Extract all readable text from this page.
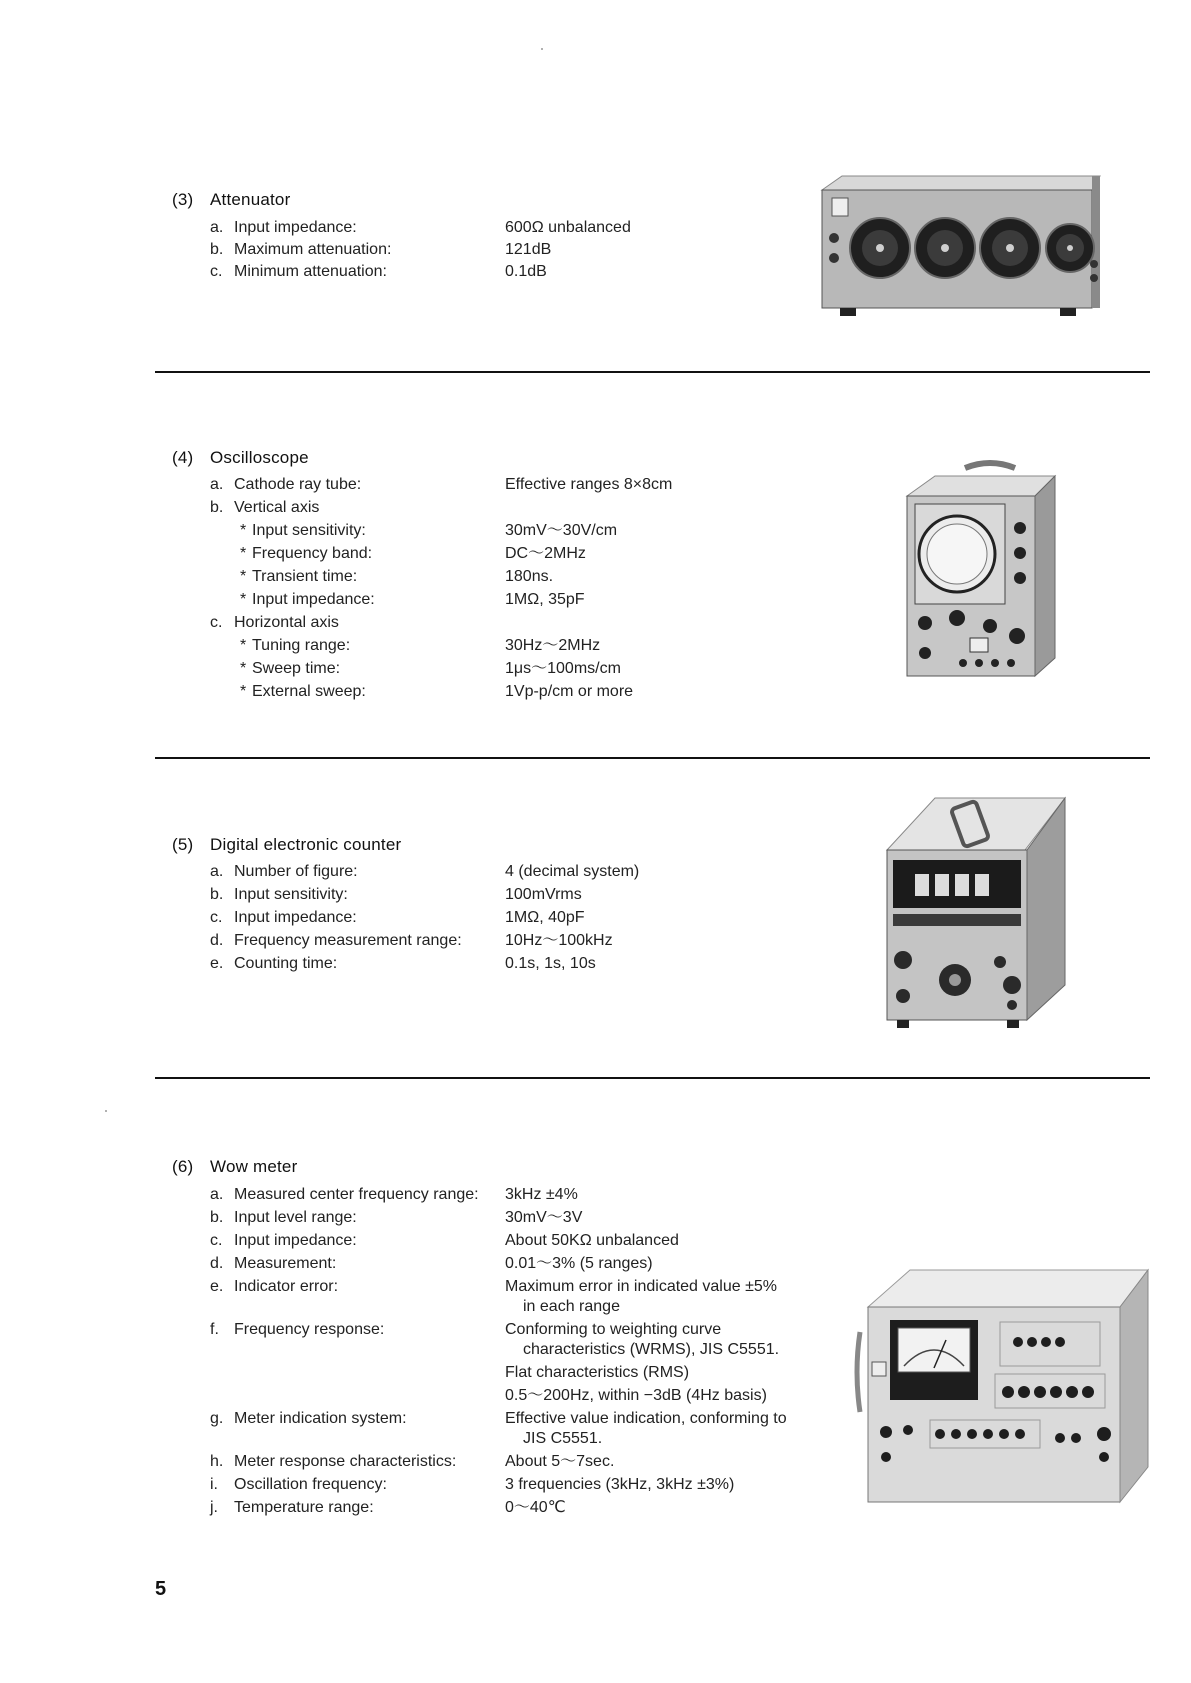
(3) Attenuator
a. Input impedance:	600Ω unbalanced
b. Maximum attenuation:	121dB
c. Minimum attenuation:	0.1dB
(4) Oscilloscope
a. Cathode ray tube:	Effective ranges 8×8cm
b. Vertical axis
* Input sensitivity:	30mV～30V/cm
* Frequency band:	DC～2MHz
* Transient time:	180ns.
* Input impedance:	1MΩ, 35pF
c. Horizontal axis
* Tuning range:	30Hz～2MHz
* Sweep time:	1μs～100ms/cm
* External sweep:	1Vp-p/cm or more
(5) Digital electronic counter
a. Number of figure:	4 (decimal system)
b. Input sensitivity:	100mVrms
c. Input impedance:	1MΩ, 40pF
d. Frequency measurement range:	10Hz～100kHz
e. Counting time:	0.1s, 1s, 10s
(6) Wow meter
a. Measured center frequency range: 3kHz ±4%
b. Input level range:	30mV～3V
c. Input impedance:	About 50KΩ unbalanced
d. Measurement:	0.01～3% (5 ranges)
e. Indicator error:	Maximum error in indicated value ±5%
in each range
f. Frequency response:	Conforming to weighting curve
characteristics (WRMS), JIS C5551.
Flat characteristics (RMS)
0.5～200Hz, within −3dB (4Hz basis)
g. Meter indication system:	Effective value indication, conforming to
JIS C5551.
h. Meter response characteristics:	About 5～7sec.
i. Oscillation frequency:	3 frequencies (3kHz, 3kHz ±3%)
j. Temperature range:	0～40℃
5
